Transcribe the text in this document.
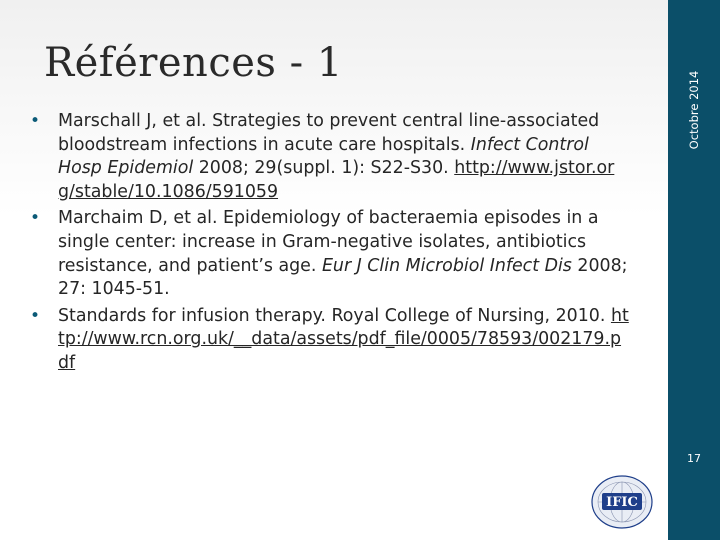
Références - 1
• Marschall J, et al. Strategies to prevent central line-associated bloodstream infections in acute care hospitals. Infect Control Hosp Epidemiol 2008; 29(suppl. 1): S22-S30. http://www.jstor.org/stable/10.1086/591059
• Marchaim D, et al. Epidemiology of bacteraemia episodes in a single center: increase in Gram-negative isolates, antibiotics resistance, and patient’s age. Eur J Clin Microbiol Infect Dis 2008; 27: 1045-51.
• Standards for infusion therapy. Royal College of Nursing, 2010. http://www.rcn.org.uk/__data/assets/pdf_file/0005/78593/002179.pdf
Octobre 2014
17
IFIC
